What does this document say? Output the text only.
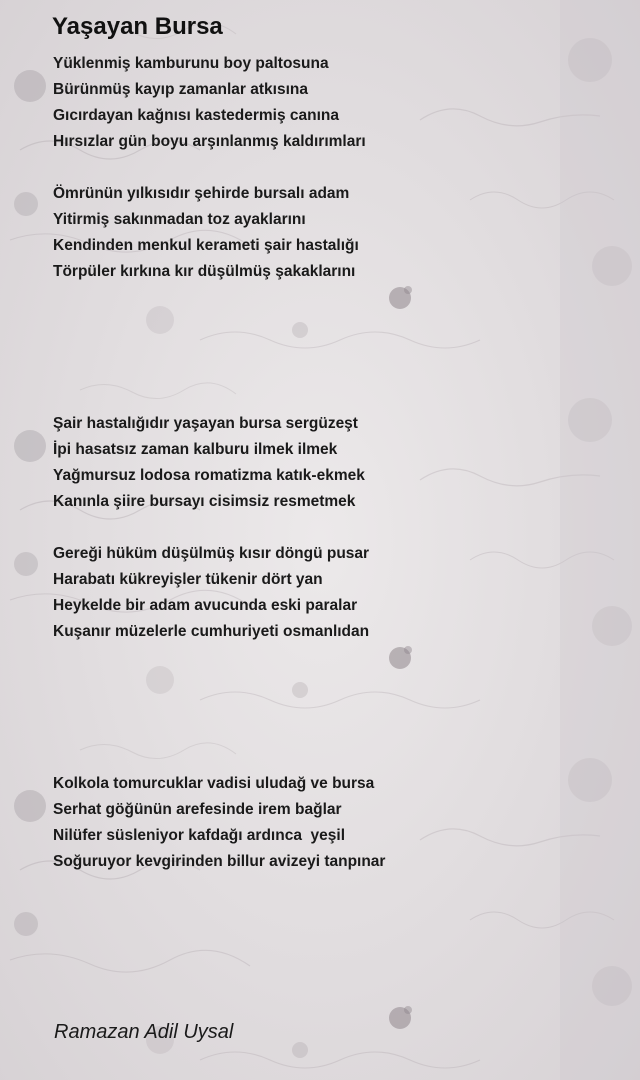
Yaşayan Bursa
Yüklenmiş kamburunu boy paltosuna
Bürünmüş kayıp zamanlar atkısına
Gıcırdayan kağnısı kastedermiş canına
Hırsızlar gün boyu arşınlanmış kaldırımları
Ömrünün yılkısıdır şehirde bursalı adam
Yitirmiş sakınmadan toz ayaklarını
Kendinden menkul kerameti şair hastalığı
Törpüler kırkına kır düşülmüş şakaklarını
Şair hastalığıdır yaşayan bursa sergüzeşt
İpi hasatsız zaman kalburu ilmek ilmek
Yağmursuz lodosa romatizma katık-ekmek
Kanınla şiire bursayı cisimsiz resmetmek
Gereği hüküm düşülmüş kısır döngü pusar
Harabatı kükreyişler tükenir dört yan
Heykelde bir adam avucunda eski paralar
Kuşanır müzelerle cumhuriyeti osmanlıdan
Kolkola tomurcuklar vadisi uludağ ve bursa
Serhat göğünün arefesinde irem bağlar
Nilüfer süsleniyor kafdağı ardınca  yeşil
Soğuruyor kevgirinden billur avizeyi tanpınar

Ramazan Adil Uysal
